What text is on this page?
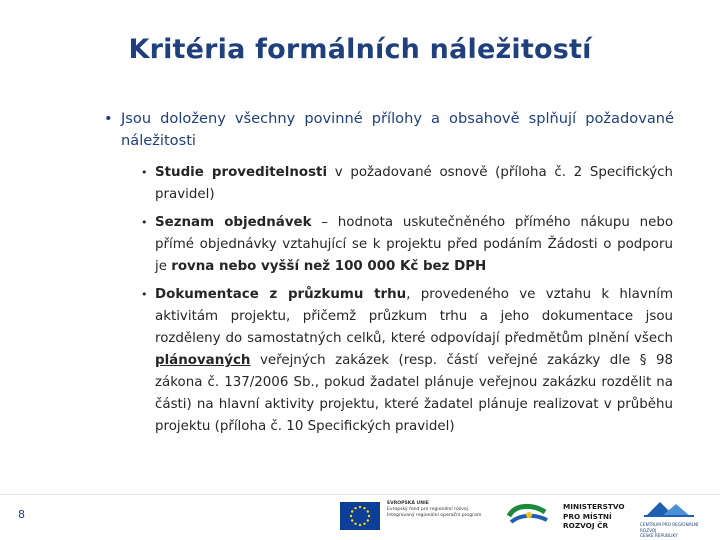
Kritéria formálních náležitostí
• Jsou doloženy všechny povinné přílohy a obsahově splňují požadované náležitosti
• Studie proveditelnosti v požadované osnově (příloha č. 2 Specifických pravidel)
• Seznam objednávek – hodnota uskutečněného přímého nákupu nebo přímé objednávky vztahující se k projektu před podáním Žádosti o podporu je rovna nebo vyšší než 100 000 Kč bez DPH
• Dokumentace z průzkumu trhu, provedeného ve vztahu k hlavním aktivitám projektu, přičemž průzkum trhu a jeho dokumentace jsou rozděleny do samostatných celků, které odpovídají předmětům plnění všech plánovaných veřejných zakázek (resp. částí veřejné zakázky dle § 98 zákona č. 137/2006 Sb., pokud žadatel plánuje veřejnou zakázku rozdělit na části) na hlavní aktivity projektu, které žadatel plánuje realizovat v průběhu projektu (příloha č. 10 Specifických pravidel)
8
EVROPSKÁ UNIE
Evropský fond pro regionální rozvoj
Integrovaný regionální operační program
MINISTERSTVO
PRO MÍSTNÍ
ROZVOJ ČR	CENTRUM PRO REGIONÁLNÍ ROZVOJ
ČESKÉ REPUBLIKY
